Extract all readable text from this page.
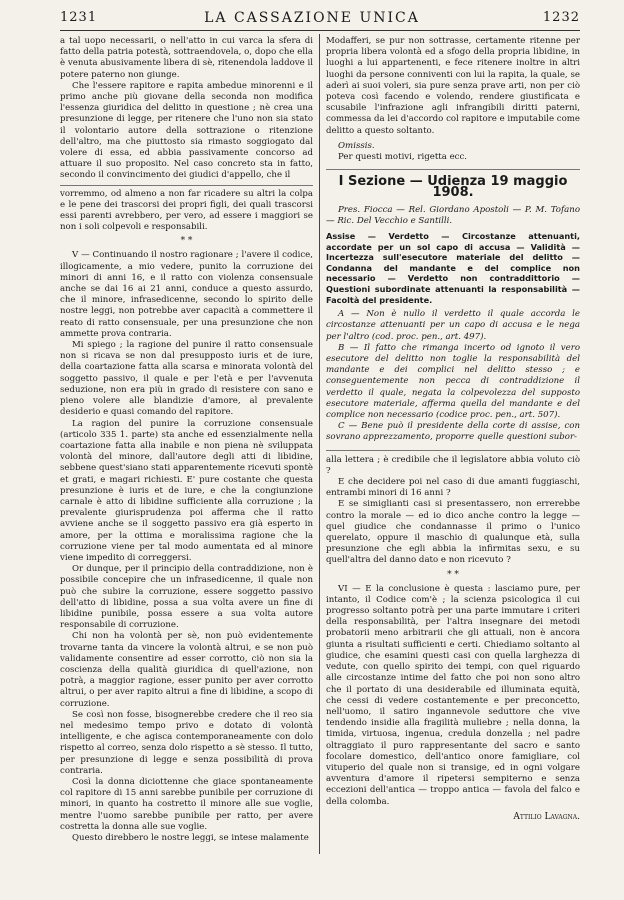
1231	LA CASSAZIONE UNICA	1232

a tal uopo necessarii, o nell'atto in cui varca la sfera di fatto della patria potestà, sottraendovela, o, dopo che ella è venuta abusivamente libera di sè, ritenendola laddove il potere paterno non giunge.

Che l'essere rapitore e rapita ambedue minorenni e il primo anche più giovane della seconda non modifica l'essenza giuridica del delitto in questione ; nè crea una presunzione di legge, per ritenere che l'uno non sia stato il volontario autore della sottrazione o ritenzione dell'altro, ma che piuttosto sia rimasto soggiogato dal volere di essa, ed abbia passivamente concorso ad attuare il suo proposito. Nel caso concreto sta in fatto, secondo il convincimento dei giudici d'appello, che il

vorremmo, od almeno a non far ricadere su altri la colpa e le pene dei trascorsi dei propri figli, dei quali trascorsi essi parenti avrebbero, per vero, ad essere i maggiori se non i soli colpevoli e responsabili.

* *

V — Continuando il nostro ragionare ; l'avere il codice, illogicamente, a mio vedere, punito la corruzione dei minori di anni 16, e il ratto con violenza consensuale anche se dai 16 ai 21 anni, conduce a questo assurdo, che il minore, infrasedicenne, secondo lo spirito delle nostre leggi, non potrebbe aver capacità a commettere il reato di ratto consensuale, per una presunzione che non ammette prova contraria.

Mi spiego ; la ragione del punire il ratto consensuale non si ricava se non dal presupposto iuris et de iure, della coartazione fatta alla scarsa e minorata volontà del soggetto passivo, il quale e per l'età e per l'avvenuta seduzione, non era più in grado di resistere con sano e pieno volere alle blandizie d'amore, al prevalente desiderio e quasi comando del rapitore.

La ragion del punire la corruzione consensuale (articolo 335 1. parte) sta anche ed essenzialmente nella coartazione fatta alla inabile e non piena nè sviluppata volontà del minore, dall'autore degli atti di libidine, sebbene quest'siano stati apparentemente ricevuti spontè et grati, e magari richiesti. E' pure costante che questa presunzione è iuris et de iure, e che la congiunzione carnale è atto di libidine sufficiente alla corruzione ; la prevalente giurisprudenza poi afferma che il ratto avviene anche se il soggetto passivo era già esperto in amore, per la ottima e moralissima ragione che la corruzione viene per tal modo aumentata ed al minore viene impedito di correggersi.

Or dunque, per il principio della contraddizione, non è possibile concepire che un infrasedicenne, il quale non può che subire la corruzione, essere soggetto passivo dell'atto di libidine, possa a sua volta avere un fine di libidine punibile, possa essere a sua volta autore responsabile di corruzione.

Chi non ha volontà per sè, non può evidentemente trovarne tanta da vincere la volontà altrui, e se non può validamente consentire ad esser corrotto, ciò non sia la coscienza della qualità giuridica di quell'azione, non potrà, a maggior ragione, esser punito per aver corrotto altrui, o per aver rapito altrui a fine di libidine, a scopo di corruzione.

Se così non fosse, bisognerebbe credere che il reo sia nel medesimo tempo privo e dotato di volontà intelligente, e che agisca contemporaneamente con dolo rispetto al correo, senza dolo rispetto a sè stesso. Il tutto, per presunzione di legge e senza possibilità di prova contraria.

Così la donna diciottenne che giace spontaneamente col rapitore di 15 anni sarebbe punibile per corruzione di minori, in quanto ha costretto il minore alle sue voglie, mentre l'uomo sarebbe punibile per ratto, per avere costretta la donna alle sue voglie.

Questo direbbero le nostre leggi, se intese malamente

Modafferi, se pur non sottrasse, certamente ritenne per propria libera volontà ed a sfogo della propria libidine, in luoghi a lui appartenenti, e fece ritenere inoltre in altri luoghi da persone conniventi con lui la rapita, la quale, se aderì ai suoi voleri, sia pure senza prave arti, non per ciò poteva così facendo e volendo, rendere giustificata e scusabile l'infrazione agli infrangibili diritti paterni, commessa da lei d'accordo col rapitore e imputabile come delitto a questo soltanto.

Omissis.

Per questi motivi, rigetta ecc.

I Sezione — Udienza 19 maggio 1908.

Pres. Fiocca — Rel. Giordano Apostoli — P. M. Tofano — Ric. Del Vecchio e Santilli.

Assise — Verdetto — Circostanze attenuanti, accordate per un sol capo di accusa — Validità — Incertezza sull'esecutore materiale del delitto — Condanna del mandante e del complice non necessario — Verdetto non contraddittorio — Questioni subordinate attenuanti la responsabilità — Facoltà del presidente.

A — Non è nullo il verdetto il quale accorda le circostanze attenuanti per un capo di accusa e le nega per l'altro (cod. proc. pen., art. 497).

B — Il fatto che rimanga incerto od ignoto il vero esecutore del delitto non toglie la responsabilità del mandante e dei complici nel delitto stesso ; e conseguentemente non pecca di contraddizione il verdetto il quale, negata la colpevolezza del supposto esecutore materiale, afferma quella del mandante e del complice non necessario (codice proc. pen., art. 507).

C — Bene può il presidente della corte di assise, con sovrano apprezzamento, proporre quelle questioni subor-

alla lettera ; è credibile che il legislatore abbia voluto ciò ?

E che decidere poi nel caso di due amanti fuggiaschi, entrambi minori di 16 anni ?

E se simiglianti casi si presentassero, non errerebbe contro la morale — ed io dico anche contro la legge — quel giudice che condannasse il primo o l'unico querelato, oppure il maschio di qualunque età, sulla presunzione che egli abbia la infirmitas sexu, e su quell'altra del danno dato e non ricevuto ?

* *

VI — E la conclusione è questa : lasciamo pure, per intanto, il Codice com'è ; la scienza psicologica il cui progresso soltanto potrà per una parte immutare i criteri della responsabilità, per l'altra insegnare dei metodi probatorii meno arbitrarii che gli attuali, non è ancora giunta a risultati sufficienti e certi. Chiediamo soltanto al giudice, che esamini questi casi con quella larghezza di vedute, con quello spirito dei tempi, con quel riguardo alle circostanze intime del fatto che poi non sono altro che il portato di una desiderabile ed illuminata equità, che cessi di vedere costantemente e per preconcetto, nell'uomo, il satiro ingannevole seduttore che vive tendendo insidie alla fragilità muliebre ; nella donna, la timida, virtuosa, ingenua, credula donzella ; nel padre oltraggiato il puro rappresentante del sacro e santo focolare domestico, dell'antico onore famigliare, col vituperio del quale non si transige, ed in ogni volgare avventura d'amore il ripetersi sempiterno e senza eccezioni dell'antica — troppo antica — favola del falco e della colomba.

Attilio Lavagna.
